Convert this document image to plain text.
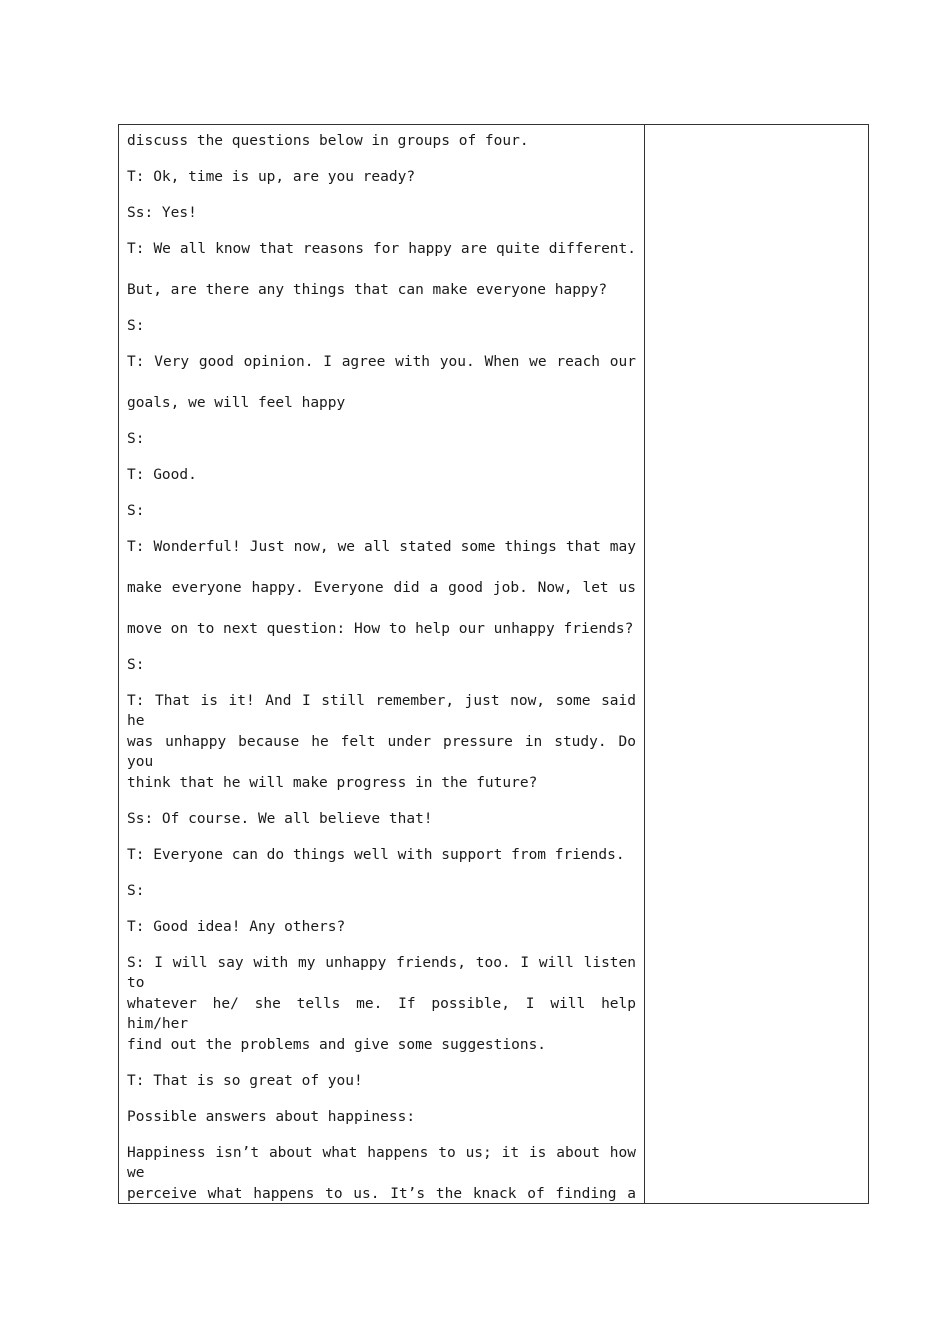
discuss the questions below in groups of four.

T: Ok, time is up, are you ready?

Ss: Yes!

T: We all know that reasons for happy are quite different.

But, are there any things that can make everyone happy?

S:

T: Very good opinion. I agree with you. When we reach our

goals, we will feel happy

S:

T: Good.

S:

T: Wonderful! Just now, we all stated some things that may

make everyone happy. Everyone did a good job. Now, let us

move on to next question: How to help our unhappy friends?

S:

T: That is it! And I still remember, just now, some said he

was unhappy because he felt under pressure in study. Do you

think that he will make progress in the future?

Ss: Of course. We all believe that!

T: Everyone can do things well with support from friends.

S:

T: Good idea! Any others?

S: I will say with my unhappy friends, too. I will listen to

whatever he/ she tells me. If possible, I will help him/her

find out the problems and give some suggestions.

T: That is so great of you!

Possible answers about happiness:

Happiness isn’t about what happens to us; it is about how we

perceive what happens to us. It’s the knack of finding a
